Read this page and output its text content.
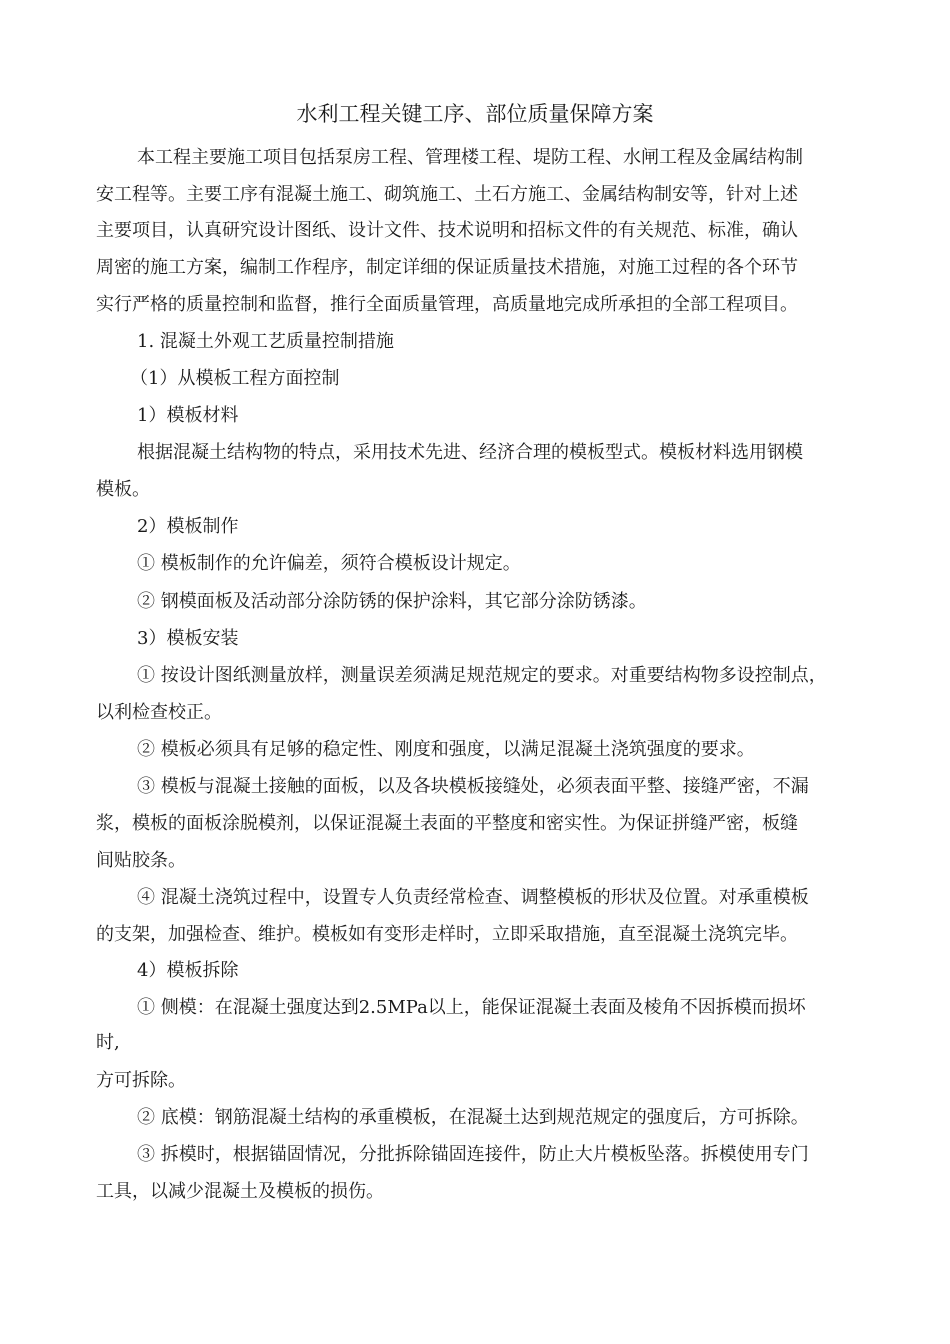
水利工程关键工序、部位质量保障方案
本工程主要施工项目包括泵房工程、管理楼工程、堤防工程、水闸工程及金属结构制
安工程等。主要工序有混凝土施工、砌筑施工、土石方施工、金属结构制安等，针对上述
主要项目，认真研究设计图纸、设计文件、技术说明和招标文件的有关规范、标准，确认
周密的施工方案，编制工作程序，制定详细的保证质量技术措施，对施工过程的各个环节
实行严格的质量控制和监督，推行全面质量管理，高质量地完成所承担的全部工程项目。
1. 混凝土外观工艺质量控制措施
（1）从模板工程方面控制
1）模板材料
根据混凝土结构物的特点，采用技术先进、经济合理的模板型式。模板材料选用钢模
模板。
2）模板制作
① 模板制作的允许偏差，须符合模板设计规定。
② 钢模面板及活动部分涂防锈的保护涂料，其它部分涂防锈漆。
3）模板安装
① 按设计图纸测量放样，测量误差须满足规范规定的要求。对重要结构物多设控制点，
以利检查校正。
② 模板必须具有足够的稳定性、刚度和强度，以满足混凝土浇筑强度的要求。
③ 模板与混凝土接触的面板，以及各块模板接缝处，必须表面平整、接缝严密，不漏
浆，模板的面板涂脱模剂，以保证混凝土表面的平整度和密实性。为保证拼缝严密，板缝
间贴胶条。
④ 混凝土浇筑过程中，设置专人负责经常检查、调整模板的形状及位置。对承重模板
的支架，加强检查、维护。模板如有变形走样时，立即采取措施，直至混凝土浇筑完毕。
4）模板拆除
① 侧模：在混凝土强度达到2.5MPa以上，能保证混凝土表面及棱角不因拆模而损坏
时,
方可拆除。
② 底模：钢筋混凝土结构的承重模板，在混凝土达到规范规定的强度后，方可拆除。
③ 拆模时，根据锚固情况，分批拆除锚固连接件，防止大片模板坠落。拆模使用专门
工具，以减少混凝土及模板的损伤。
